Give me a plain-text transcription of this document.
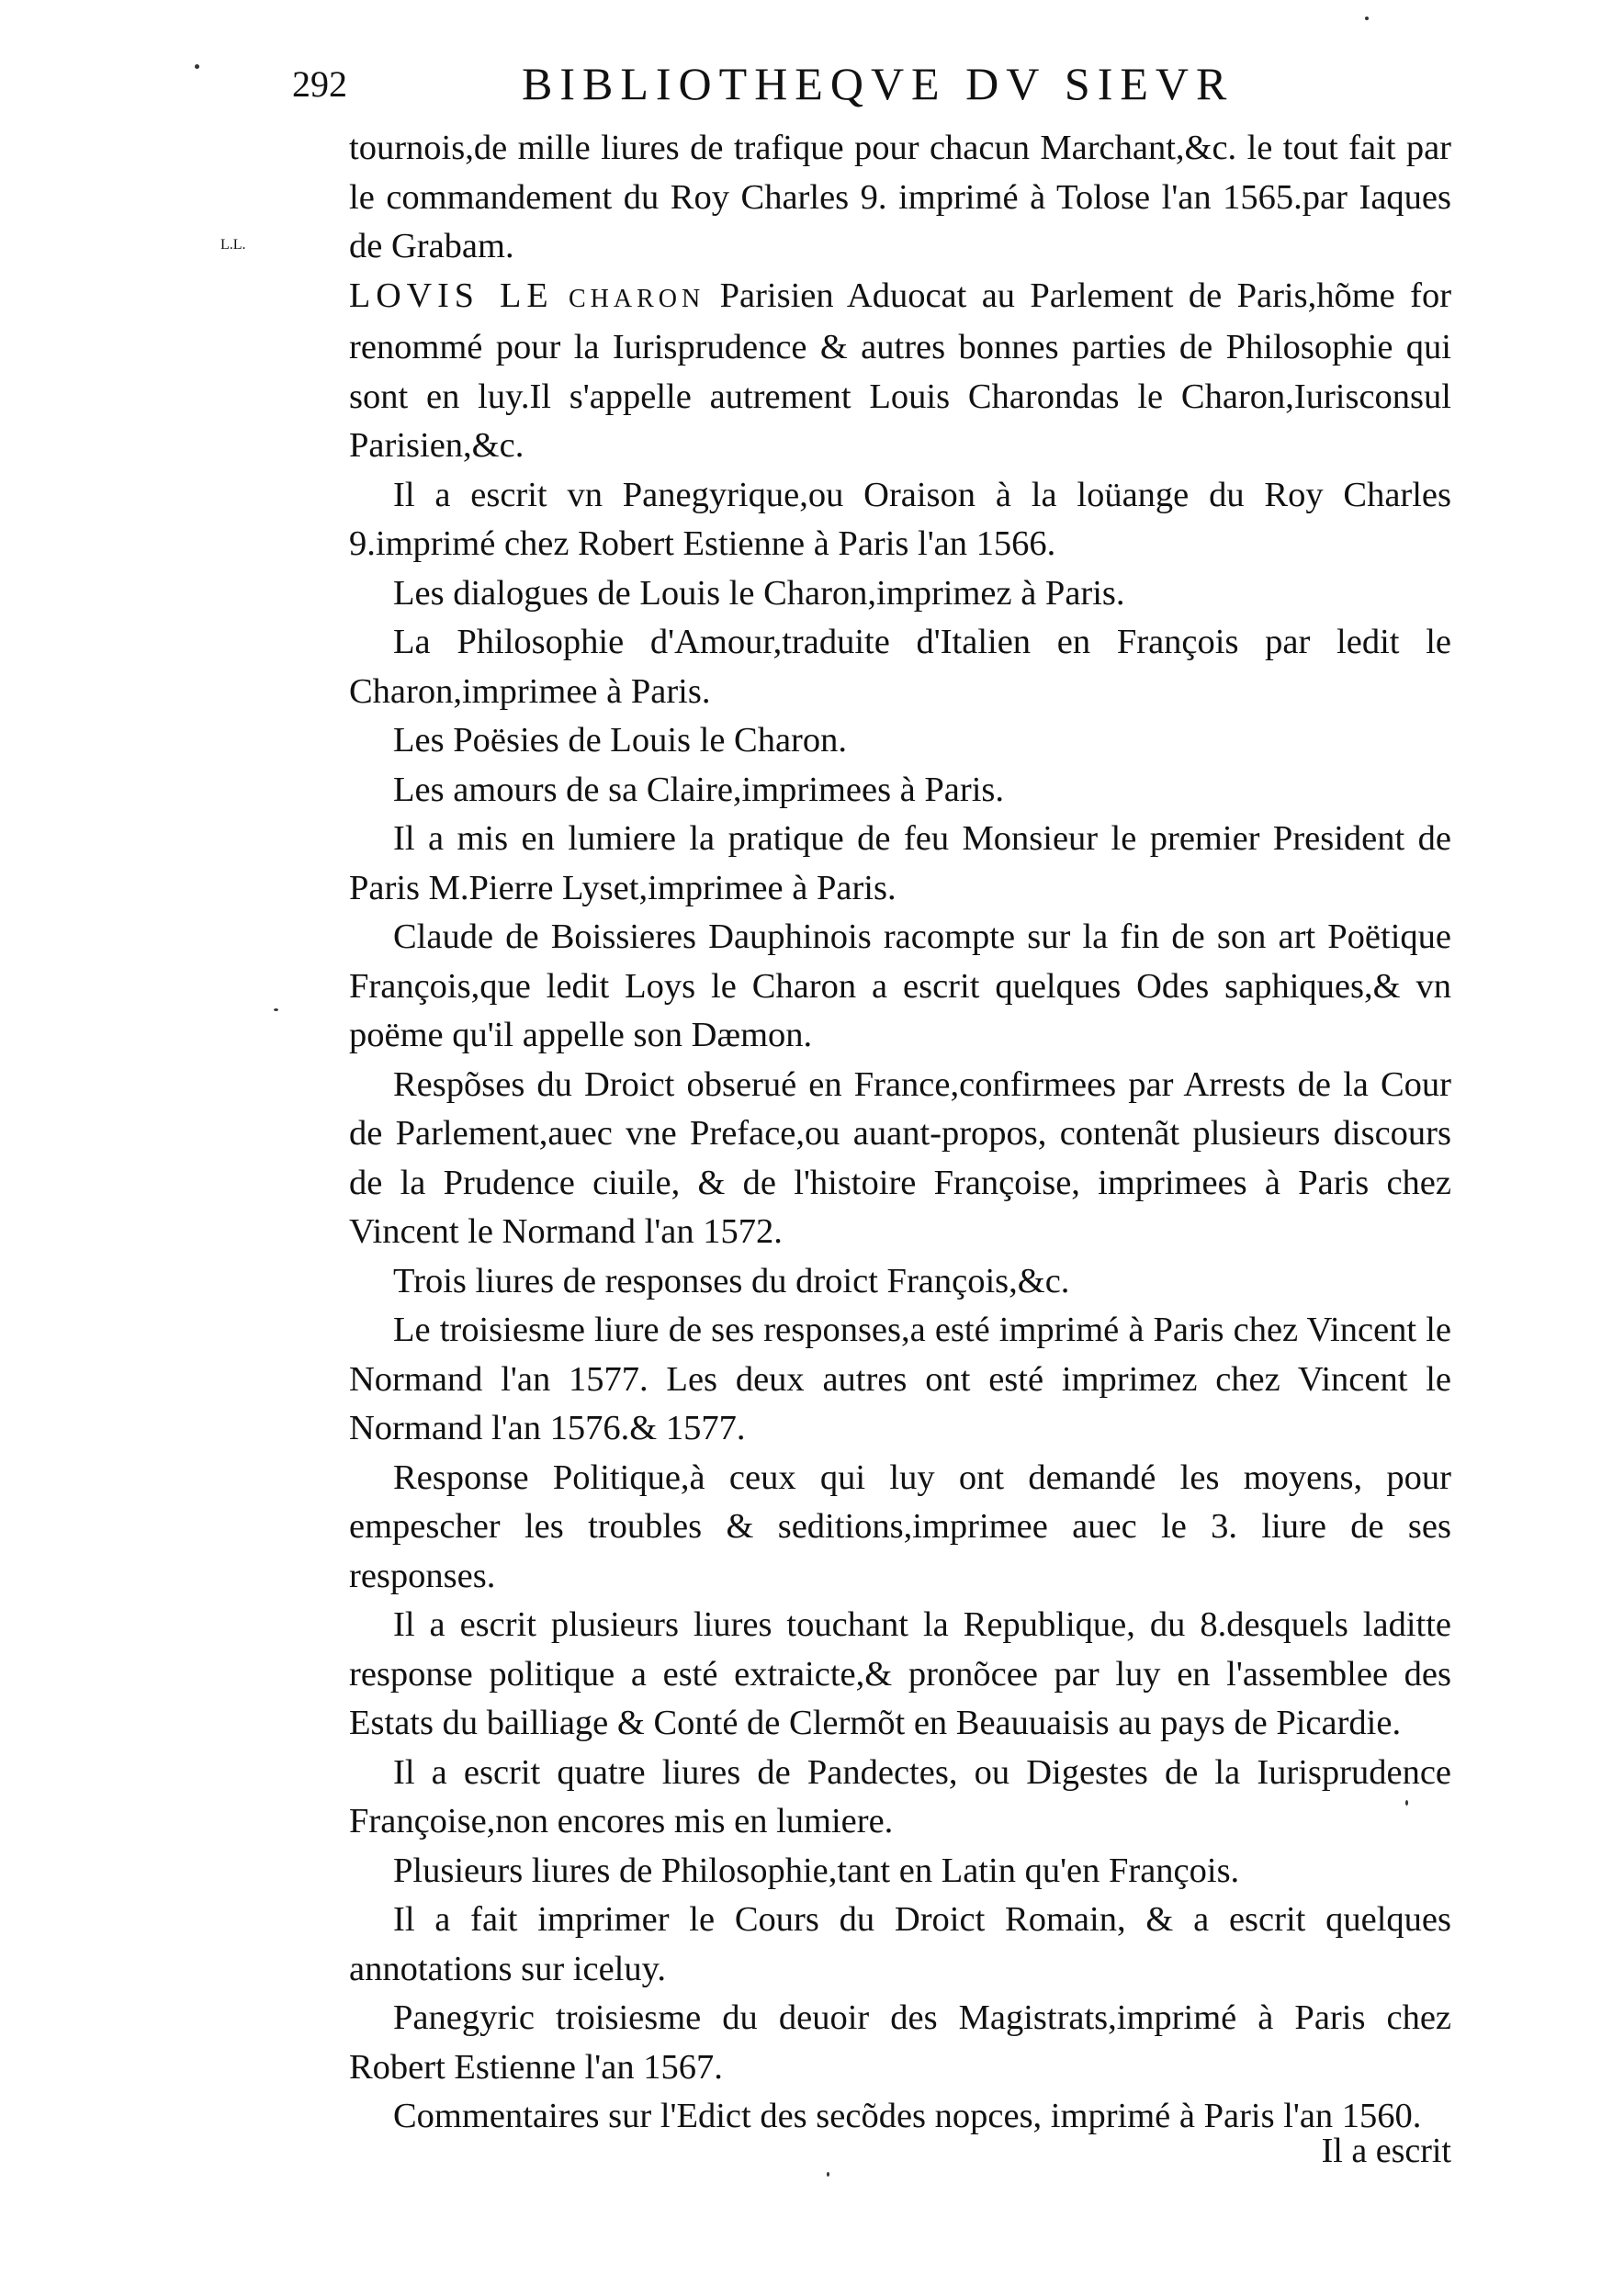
292	BIBLIOTHEQVE DV SIEVR
L.L.

tournois,de mille liures de trafique pour chacun Marchant,&c. le tout fait par le commandement du Roy Charles 9. imprimé à Tolose l'an 1565.par Iaques de Grabam.

LOVIS LE CHARON Parisien Aduocat au Parlement de Paris,hõme for renommé pour la Iurisprudence & autres bonnes parties de Philosophie qui sont en luy.Il s'appelle autrement Louis Charondas le Charon,Iurisconsul Parisien,&c.

Il a escrit vn Panegyrique,ou Oraison à la loüange du Roy Charles 9.imprimé chez Robert Estienne à Paris l'an 1566.

Les dialogues de Louis le Charon,imprimez à Paris.

La Philosophie d'Amour,traduite d'Italien en François par ledit le Charon,imprimee à Paris.

Les Poësies de Louis le Charon.

Les amours de sa Claire,imprimees à Paris.

Il a mis en lumiere la pratique de feu Monsieur le premier President de Paris M.Pierre Lyset,imprimee à Paris.

Claude de Boissieres Dauphinois racompte sur la fin de son art Poëtique François,que ledit Loys le Charon a escrit quelques Odes saphiques,& vn poëme qu'il appelle son Dæmon.

Respõses du Droict obserué en France,confirmees par Arrests de la Cour de Parlement,auec vne Preface,ou auant-propos, contenãt plusieurs discours de la Prudence ciuile, & de l'histoire Françoise, imprimees à Paris chez Vincent le Normand l'an 1572.

Trois liures de responses du droict François,&c.

Le troisiesme liure de ses responses,a esté imprimé à Paris chez Vincent le Normand l'an 1577. Les deux autres ont esté imprimez chez Vincent le Normand l'an 1576.& 1577.

Response Politique,à ceux qui luy ont demandé les moyens, pour empescher les troubles & seditions,imprimee auec le 3. liure de ses responses.

Il a escrit plusieurs liures touchant la Republique, du 8.desquels laditte response politique a esté extraicte,& pronõcee par luy en l'assemblee des Estats du bailliage & Conté de Clermõt en Beauuaisis au pays de Picardie.

Il a escrit quatre liures de Pandectes, ou Digestes de la Iurisprudence Françoise,non encores mis en lumiere.

Plusieurs liures de Philosophie,tant en Latin qu'en François.

Il a fait imprimer le Cours du Droict Romain, & a escrit quelques annotations sur iceluy.

Panegyric troisiesme du deuoir des Magistrats,imprimé à Paris chez Robert Estienne l'an 1567.

Commentaires sur l'Edict des secõdes nopces, imprimé à Paris l'an 1560.

Il a escrit
